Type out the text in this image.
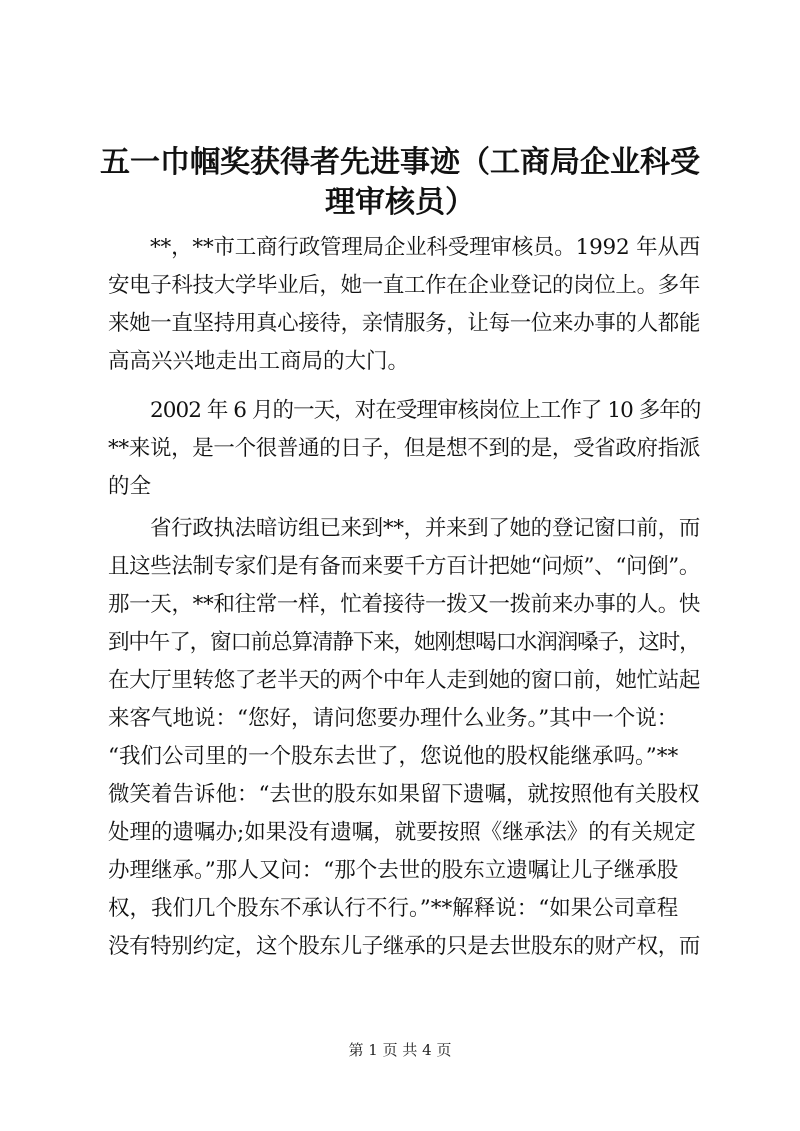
五一巾帼奖获得者先进事迹（工商局企业科受
理审核员）
**，**市工商行政管理局企业科受理审核员。1992 年从西
安电子科技大学毕业后，她一直工作在企业登记的岗位上。多年
来她一直坚持用真心接待，亲情服务，让每一位来办事的人都能
高高兴兴地走出工商局的大门。
2002 年 6 月的一天，对在受理审核岗位上工作了 10 多年的
**来说，是一个很普通的日子，但是想不到的是，受省政府指派
的全
省行政执法暗访组已来到**，并来到了她的登记窗口前，而
且这些法制专家们是有备而来要千方百计把她“问烦”、“问倒”。
那一天，**和往常一样，忙着接待一拨又一拨前来办事的人。快
到中午了，窗口前总算清静下来，她刚想喝口水润润嗓子，这时，
在大厅里转悠了老半天的两个中年人走到她的窗口前，她忙站起
来客气地说：“您好，请问您要办理什么业务。”其中一个说：
“我们公司里的一个股东去世了，您说他的股权能继承吗。”**
微笑着告诉他：“去世的股东如果留下遗嘱，就按照他有关股权
处理的遗嘱办;如果没有遗嘱，就要按照《继承法》的有关规定
办理继承。”那人又问：“那个去世的股东立遗嘱让儿子继承股
权，我们几个股东不承认行不行。”**解释说：“如果公司章程
没有特别约定，这个股东儿子继承的只是去世股东的财产权，而
第 1 页 共 4 页
